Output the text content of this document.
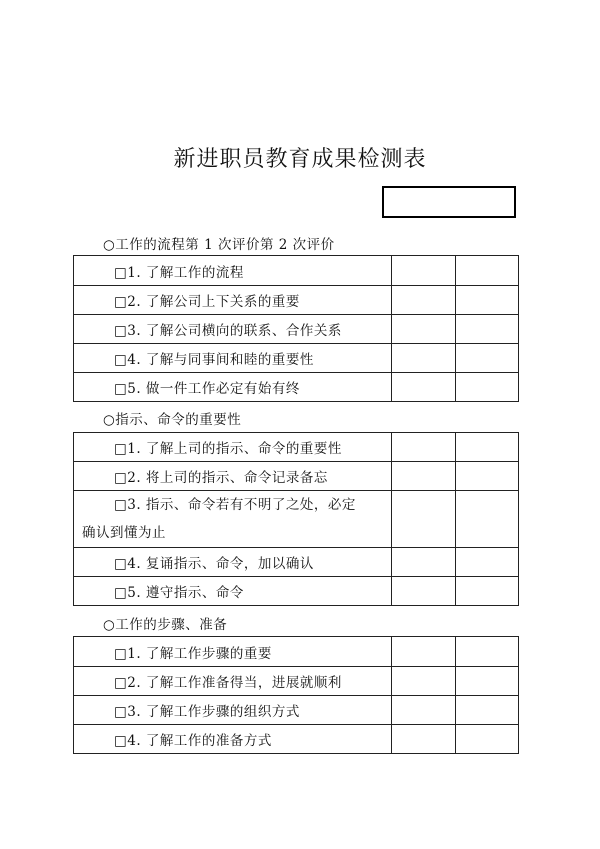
新进职员教育成果检测表
○工作的流程第 1 次评价第 2 次评价
□1. 了解工作的流程		
□2. 了解公司上下关系的重要		
□3. 了解公司横向的联系、合作关系		
□4. 了解与同事间和睦的重要性		
□5. 做一件工作必定有始有终		
○指示、命令的重要性
□1. 了解上司的指示、命令的重要性		
□2. 将上司的指示、命令记录备忘		

□3. 指示、命令若有不明了之处，必定
确认到懂为止		
□4. 复诵指示、命令，加以确认		
□5. 遵守指示、命令		
○工作的步骤、准备
□1. 了解工作步骤的重要		
□2. 了解工作准备得当，进展就顺利		
□3. 了解工作步骤的组织方式		
□4. 了解工作的准备方式		
